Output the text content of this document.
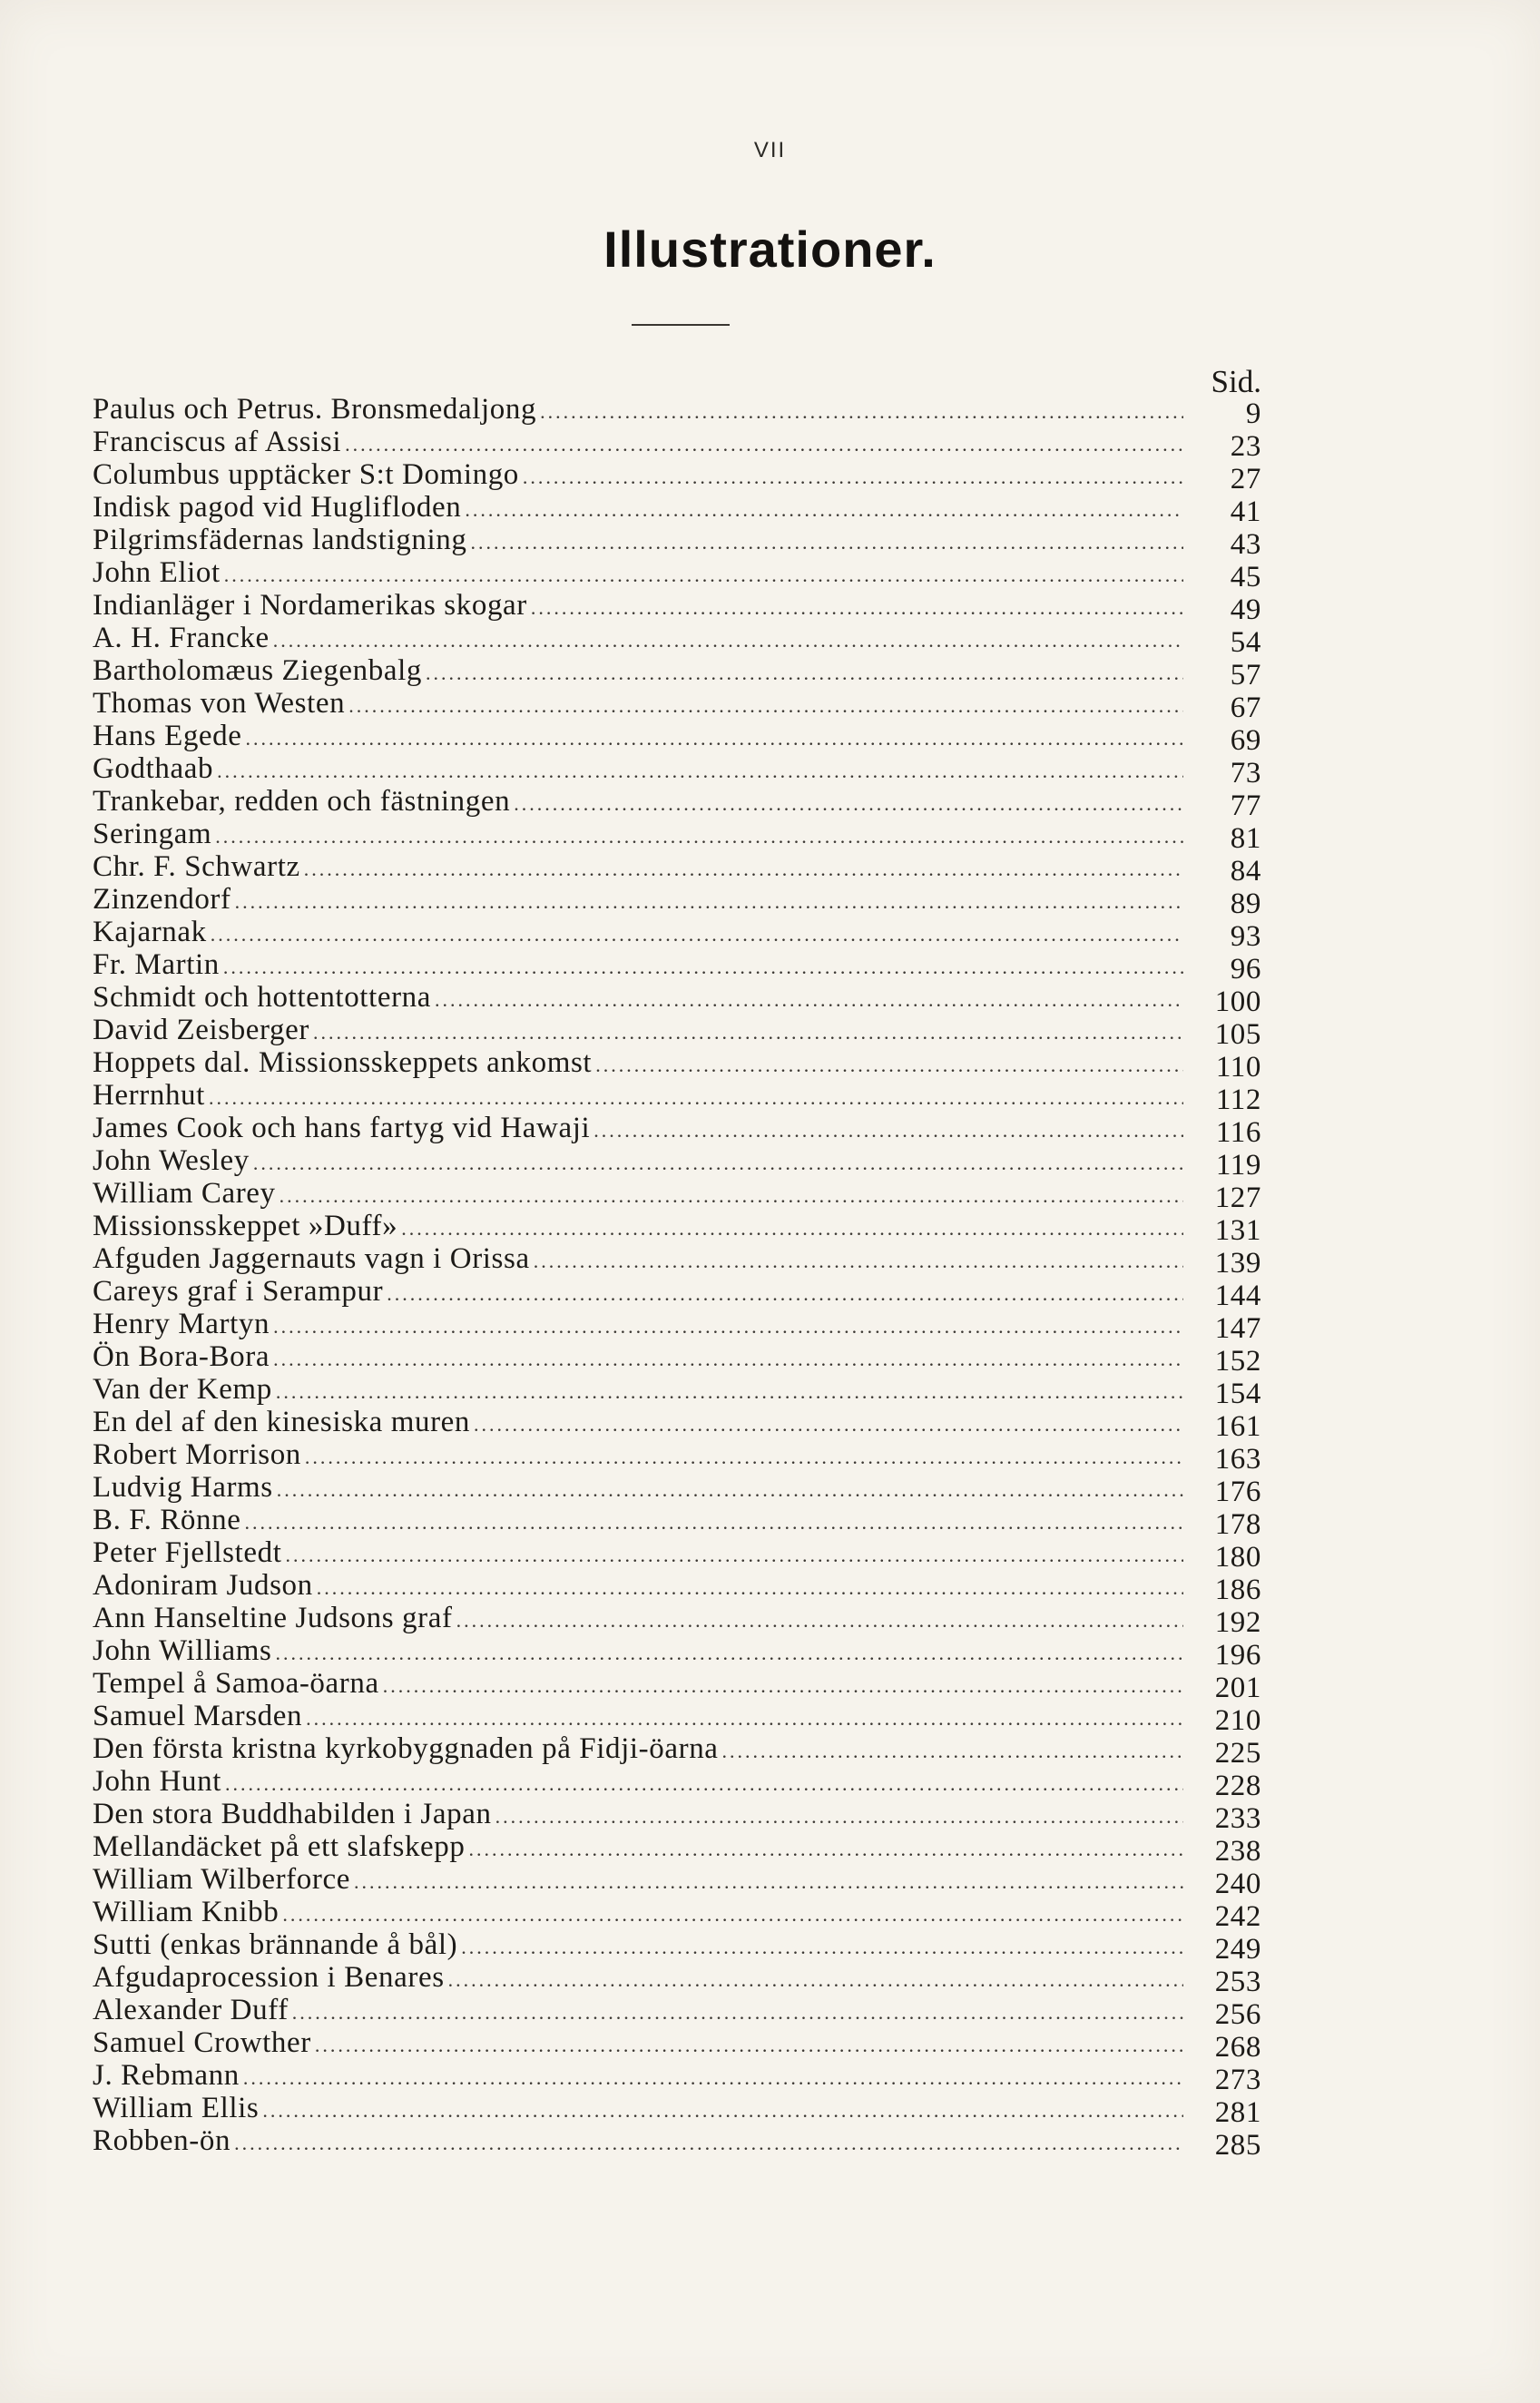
VII
Illustrationer.
Sid.
Paulus och Petrus. Bronsmedaljong .....	9
Franciscus af Assisi .....	23
Columbus upptäcker S:t Domingo .....	27
Indisk pagod vid Huglifloden .....	41
Pilgrimsfädernas landstigning .....	43
John Eliot .....	45
Indianläger i Nordamerikas skogar .....	49
A. H. Francke .....	54
Bartholomæus Ziegenbalg .....	57
Thomas von Westen .....	67
Hans Egede .....	69
Godthaab .....	73
Trankebar, redden och fästningen .....	77
Seringam .....	81
Chr. F. Schwartz .....	84
Zinzendorf .....	89
Kajarnak .....	93
Fr. Martin .....	96
Schmidt och hottentotterna .....	100
David Zeisberger .....	105
Hoppets dal. Missionsskeppets ankomst .....	110
Herrnhut .....	112
James Cook och hans fartyg vid Hawaji .....	116
John Wesley .....	119
William Carey .....	127
Missionsskeppet »Duff» .....	131
Afguden Jaggernauts vagn i Orissa .....	139
Careys graf i Serampur .....	144
Henry Martyn .....	147
Ön Bora-Bora .....	152
Van der Kemp .....	154
En del af den kinesiska muren .....	161
Robert Morrison .....	163
Ludvig Harms .....	176
B. F. Rönne .....	178
Peter Fjellstedt .....	180
Adoniram Judson .....	186
Ann Hanseltine Judsons graf .....	192
John Williams .....	196
Tempel å Samoa-öarna .....	201
Samuel Marsden .....	210
Den första kristna kyrkobyggnaden på Fidji-öarna .....	225
John Hunt .....	228
Den stora Buddhabilden i Japan .....	233
Mellandäcket på ett slafskepp .....	238
William Wilberforce .....	240
William Knibb .....	242
Sutti (enkas brännande å bål) .....	249
Afgudaprocession i Benares .....	253
Alexander Duff .....	256
Samuel Crowther .....	268
J. Rebmann .....	273
William Ellis .....	281
Robben-ön .....	285
